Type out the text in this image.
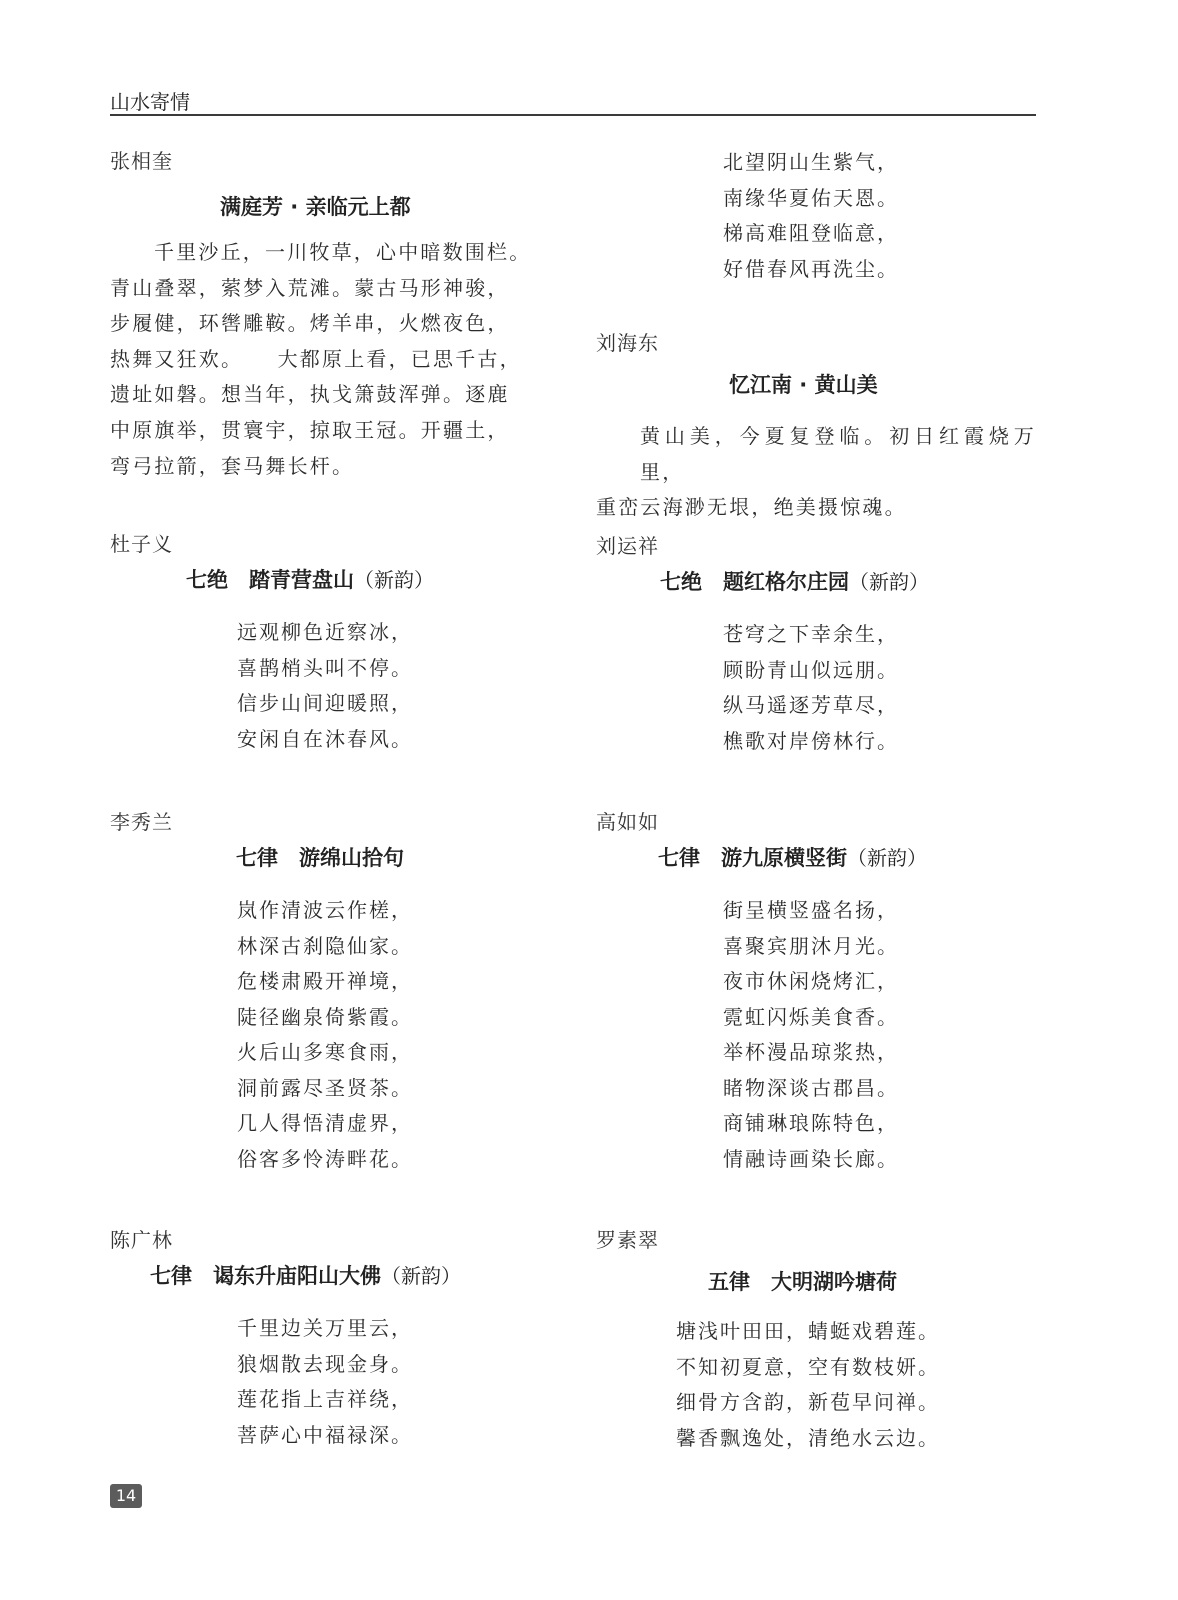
山水寄情
张相奎
满庭芳 · 亲临元上都
千里沙丘，一川牧草，心中暗数围栏。
青山叠翠，萦梦入荒滩。蒙古马形神骏，
步履健，环辔雕鞍。烤羊串，火燃夜色，
热舞又狂欢。　　大都原上看，已思千古，
遗址如磐。想当年，执戈箫鼓浑弹。逐鹿
中原旗举，贯寰宇，掠取王冠。开疆土，
弯弓拉箭，套马舞长杆。
杜子义
七绝　踏青营盘山（新韵）
远观柳色近察冰，
喜鹊梢头叫不停。
信步山间迎暖照，
安闲自在沐春风。
李秀兰
七律　游绵山拾句
岚作清波云作槎，
林深古刹隐仙家。
危楼肃殿开禅境，
陡径幽泉倚紫霞。
火后山多寒食雨，
洞前露尽圣贤茶。
几人得悟清虚界，
俗客多怜涛畔花。
陈广林
七律　谒东升庙阳山大佛（新韵）
千里边关万里云，
狼烟散去现金身。
莲花指上吉祥绕，
菩萨心中福禄深。
北望阴山生紫气，
南缘华夏佑天恩。
梯高难阻登临意，
好借春风再洗尘。
刘海东
忆江南 · 黄山美
黄山美，今夏复登临。初日红霞烧万里，
重峦云海渺无垠，绝美摄惊魂。
刘运祥
七绝　题红格尔庄园（新韵）
苍穹之下幸余生，
顾盼青山似远朋。
纵马遥逐芳草尽，
樵歌对岸傍林行。
高如如
七律　游九原横竖街（新韵）
街呈横竖盛名扬，
喜聚宾朋沐月光。
夜市休闲烧烤汇，
霓虹闪烁美食香。
举杯漫品琼浆热，
睹物深谈古郡昌。
商铺琳琅陈特色，
情融诗画染长廊。
罗素翠
五律　大明湖吟塘荷
塘浅叶田田，蜻蜓戏碧莲。
不知初夏意，空有数枝妍。
细骨方含韵，新苞早问禅。
馨香飘逸处，清绝水云边。
14
